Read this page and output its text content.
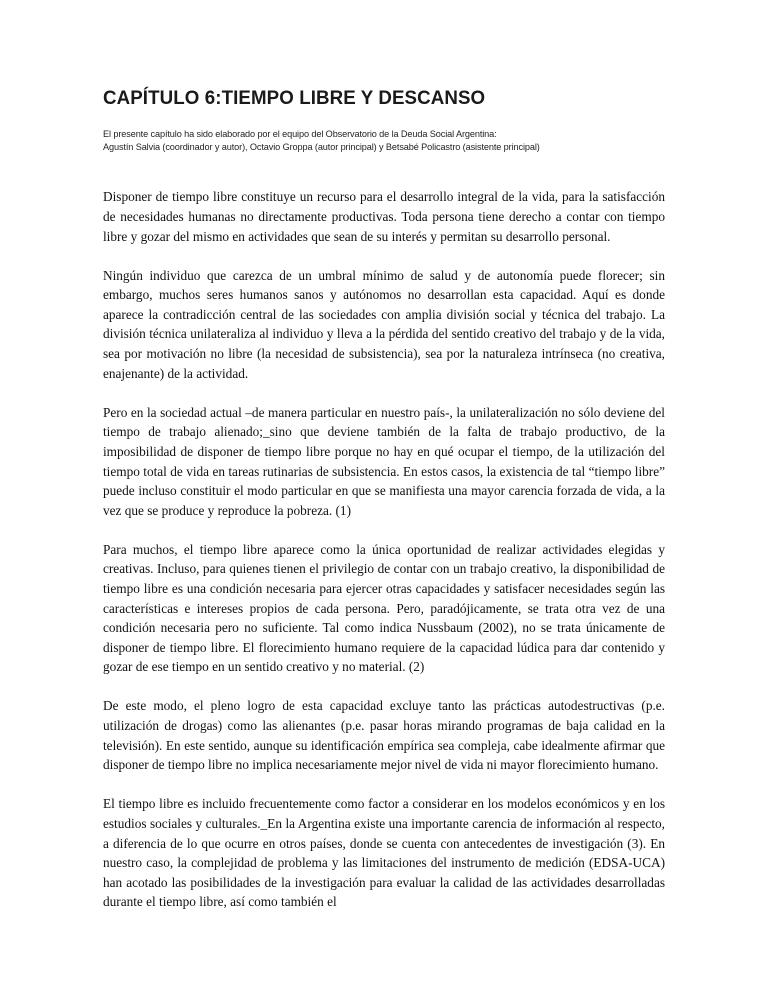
CAPÍTULO 6:TIEMPO LIBRE Y DESCANSO
El presente capítulo ha sido elaborado por el equipo del Observatorio de la Deuda Social Argentina:
Agustín Salvia (coordinador y autor), Octavio Groppa (autor principal) y Betsabé Policastro (asistente principal)

Disponer de tiempo libre constituye un recurso para el desarrollo integral de la vida, para la satisfacción de necesidades humanas no directamente productivas. Toda persona tiene derecho a contar con tiempo libre y gozar del mismo en actividades que sean de su interés y permitan su desarrollo personal.

Ningún individuo que carezca de un umbral mínimo de salud y de autonomía puede florecer; sin embargo, muchos seres humanos sanos y autónomos no desarrollan esta capacidad. Aquí es donde aparece la contradicción central de las sociedades con amplia división social y técnica del trabajo. La división técnica unilateraliza al individuo y lleva a la pérdida del sentido creativo del trabajo y de la vida, sea por motivación no libre (la necesidad de subsistencia), sea por la naturaleza intrínseca (no creativa, enajenante) de la actividad.

Pero en la sociedad actual –de manera particular en nuestro país-, la unilateralización no sólo deviene del tiempo de trabajo alienado;_sino que deviene también de la falta de trabajo productivo, de la imposibilidad de disponer de tiempo libre porque no hay en qué ocupar el tiempo, de la utilización del tiempo total de vida en tareas rutinarias de subsistencia. En estos casos, la existencia de tal “tiempo libre” puede incluso constituir el modo particular en que se manifiesta una mayor carencia forzada de vida, a la vez que se produce y reproduce la pobreza. (1)

Para muchos, el tiempo libre aparece como la única oportunidad de realizar actividades elegidas y creativas. Incluso, para quienes tienen el privilegio de contar con un trabajo creativo, la disponibilidad de tiempo libre es una condición necesaria para ejercer otras capacidades y satisfacer necesidades según las características e intereses propios de cada persona. Pero, paradójicamente, se trata otra vez de una condición necesaria pero no suficiente. Tal como indica Nussbaum (2002), no se trata únicamente de disponer de tiempo libre. El florecimiento humano requiere de la capacidad lúdica para dar contenido y gozar de ese tiempo en un sentido creativo y no material. (2)

De este modo, el pleno logro de esta capacidad excluye tanto las prácticas autodestructivas (p.e. utilización de drogas) como las alienantes (p.e. pasar horas mirando programas de baja calidad en la televisión). En este sentido, aunque su identificación empírica sea compleja, cabe idealmente afirmar que disponer de tiempo libre no implica necesariamente mejor nivel de vida ni mayor florecimiento humano.

El tiempo libre es incluido frecuentemente como factor a considerar en los modelos económicos y en los estudios sociales y culturales._En la Argentina existe una importante carencia de información al respecto, a diferencia de lo que ocurre en otros países, donde se cuenta con antecedentes de investigación (3). En nuestro caso, la complejidad de problema y las limitaciones del instrumento de medición (EDSA-UCA) han acotado las posibilidades de la investigación para evaluar la calidad de las actividades desarrolladas durante el tiempo libre, así como también el
